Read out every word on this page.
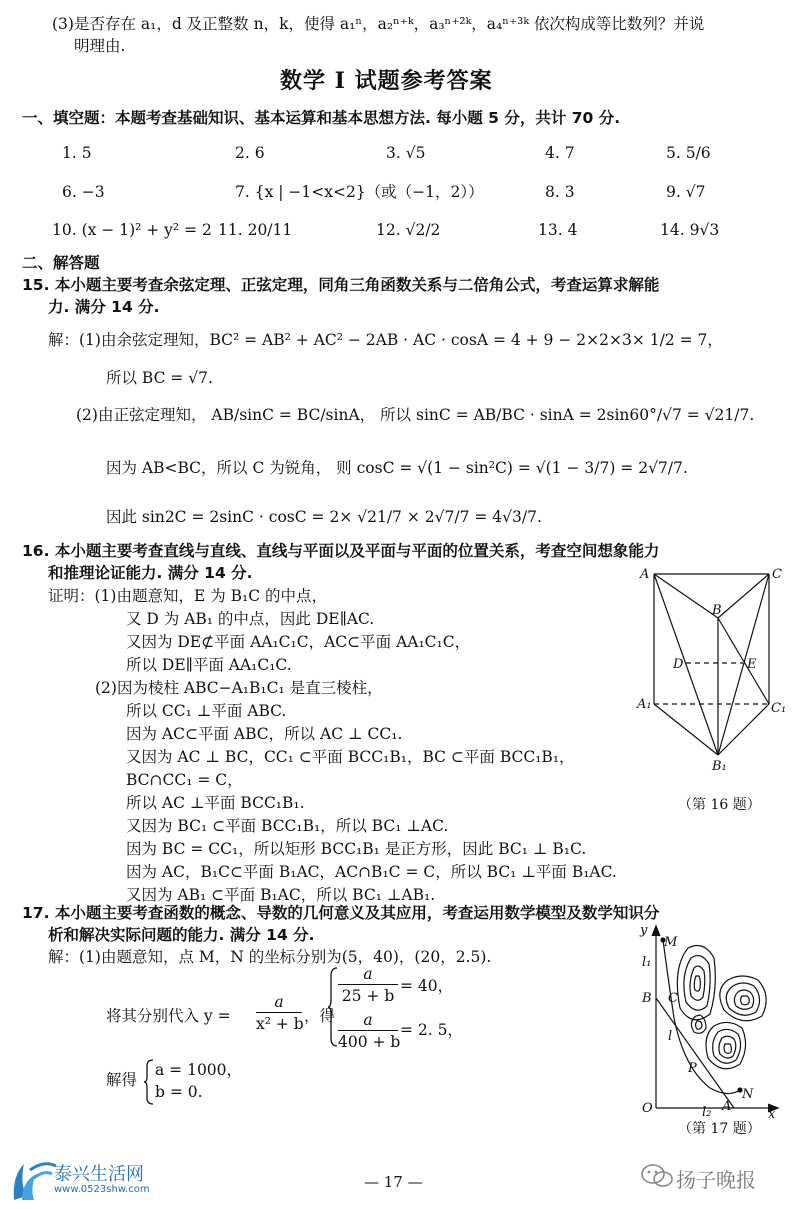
(3)是否存在 a₁，d 及正整数 n，k，使得 a₁ⁿ，a₂ⁿ⁺ᵏ，a₃ⁿ⁺²ᵏ，a₄ⁿ⁺³ᵏ 依次构成等比数列？并说
明理由.
数学 Ⅰ 试题参考答案
一、填空题：本题考查基础知识、基本运算和基本思想方法. 每小题 5 分，共计 70 分.
1. 5	2. 6	3. √5	4. 7	5. 5/6
6. −3	7. {x | −1<x<2}（或（−1，2））	8. 3	9. √7
10. (x − 1)² + y² = 2 11. 20/11	12. √2/2	13. 4	14. 9√3
二、解答题
15. 本小题主要考查余弦定理、正弦定理，同角三角函数关系与二倍角公式，考查运算求解能
力. 满分 14 分.
解：(1)由余弦定理知，BC² = AB² + AC² − 2AB · AC · cosA = 4 + 9 − 2×2×3× 1/2 = 7，
所以 BC = √7.
(2)由正弦定理知， AB/sinC = BC/sinA， 所以 sinC = AB/BC · sinA = 2sin60°/√7 = √21/7.
因为 AB<BC，所以 C 为锐角， 则 cosC = √(1 − sin²C) = √(1 − 3/7) = 2√7/7.
因此 sin2C = 2sinC · cosC = 2× √21/7 × 2√7/7 = 4√3/7.
16. 本小题主要考查直线与直线、直线与平面以及平面与平面的位置关系，考查空间想象能力
和推理论证能力. 满分 14 分.
证明：(1)由题意知，E 为 B₁C 的中点，
又 D 为 AB₁ 的中点，因此 DE∥AC.
又因为 DE⊄平面 AA₁C₁C，AC⊂平面 AA₁C₁C，
所以 DE∥平面 AA₁C₁C.
(2)因为棱柱 ABC−A₁B₁C₁ 是直三棱柱，
所以 CC₁ ⊥平面 ABC.
因为 AC⊂平面 ABC，所以 AC ⊥ CC₁.
又因为 AC ⊥ BC，CC₁ ⊂平面 BCC₁B₁，BC ⊂平面 BCC₁B₁，
BC∩CC₁ = C，
所以 AC ⊥平面 BCC₁B₁.
又因为 BC₁ ⊂平面 BCC₁B₁，所以 BC₁ ⊥AC.
因为 BC = CC₁，所以矩形 BCC₁B₁ 是正方形，因此 BC₁ ⊥ B₁C.
因为 AC，B₁C⊂平面 B₁AC，AC∩B₁C = C，所以 BC₁ ⊥平面 B₁AC.
又因为 AB₁ ⊂平面 B₁AC，所以 BC₁ ⊥AB₁.
A	C
B
D	E
A₁	C₁
B₁
（第 16 题）
17. 本小题主要考查函数的概念、导数的几何意义及其应用，考查运用数学模型及数学知识分
析和解决实际问题的能力. 满分 14 分.
解：(1)由题意知，点 M，N 的坐标分别为(5，40)，(20，2.5).
将其分别代入 y =
a
x² + b ，得
a
25 + b
= 40，
a
400 + b
= 2. 5，
解得
a = 1000，
b = 0.
y
M
l₁
B C
l
P
N
O	l₂ A
x
（第 17 题）
— 17 —
泰兴生活网
www.0523shw.com	扬子晚报
